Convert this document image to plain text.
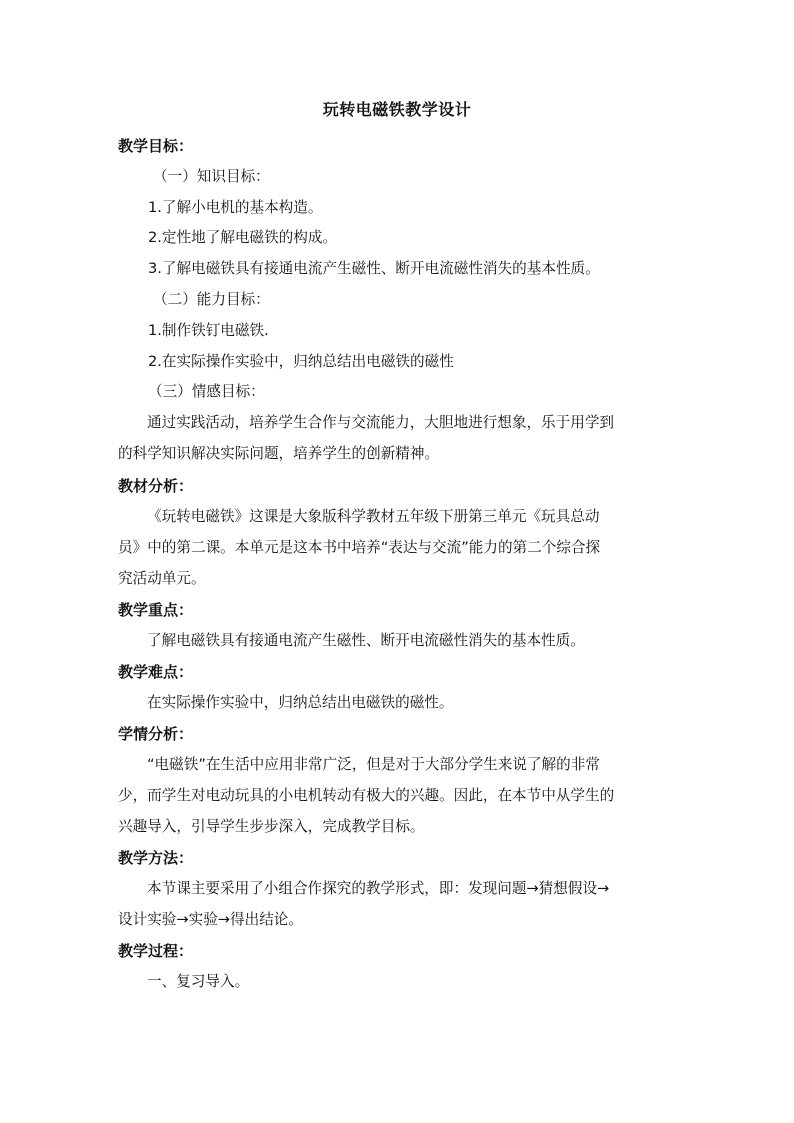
玩转电磁铁教学设计
教学目标：
（一）知识目标：
1.了解小电机的基本构造。
2.定性地了解电磁铁的构成。
3.了解电磁铁具有接通电流产生磁性、断开电流磁性消失的基本性质。
（二）能力目标：
1.制作铁钉电磁铁.
2.在实际操作实验中，归纳总结出电磁铁的磁性
（三）情感目标：
通过实践活动，培养学生合作与交流能力，大胆地进行想象，乐于用学到
的科学知识解决实际问题，培养学生的创新精神。
教材分析：
《玩转电磁铁》这课是大象版科学教材五年级下册第三单元《玩具总动
员》中的第二课。本单元是这本书中培养“表达与交流”能力的第二个综合探
究活动单元。
教学重点：
了解电磁铁具有接通电流产生磁性、断开电流磁性消失的基本性质。
教学难点：
在实际操作实验中，归纳总结出电磁铁的磁性。
学情分析：
“电磁铁”在生活中应用非常广泛，但是对于大部分学生来说了解的非常
少，而学生对电动玩具的小电机转动有极大的兴趣。因此，在本节中从学生的
兴趣导入，引导学生步步深入，完成教学目标。
教学方法：
本节课主要采用了小组合作探究的教学形式，即：发现问题→猜想假设→
设计实验→实验→得出结论。
教学过程：
一、复习导入。
